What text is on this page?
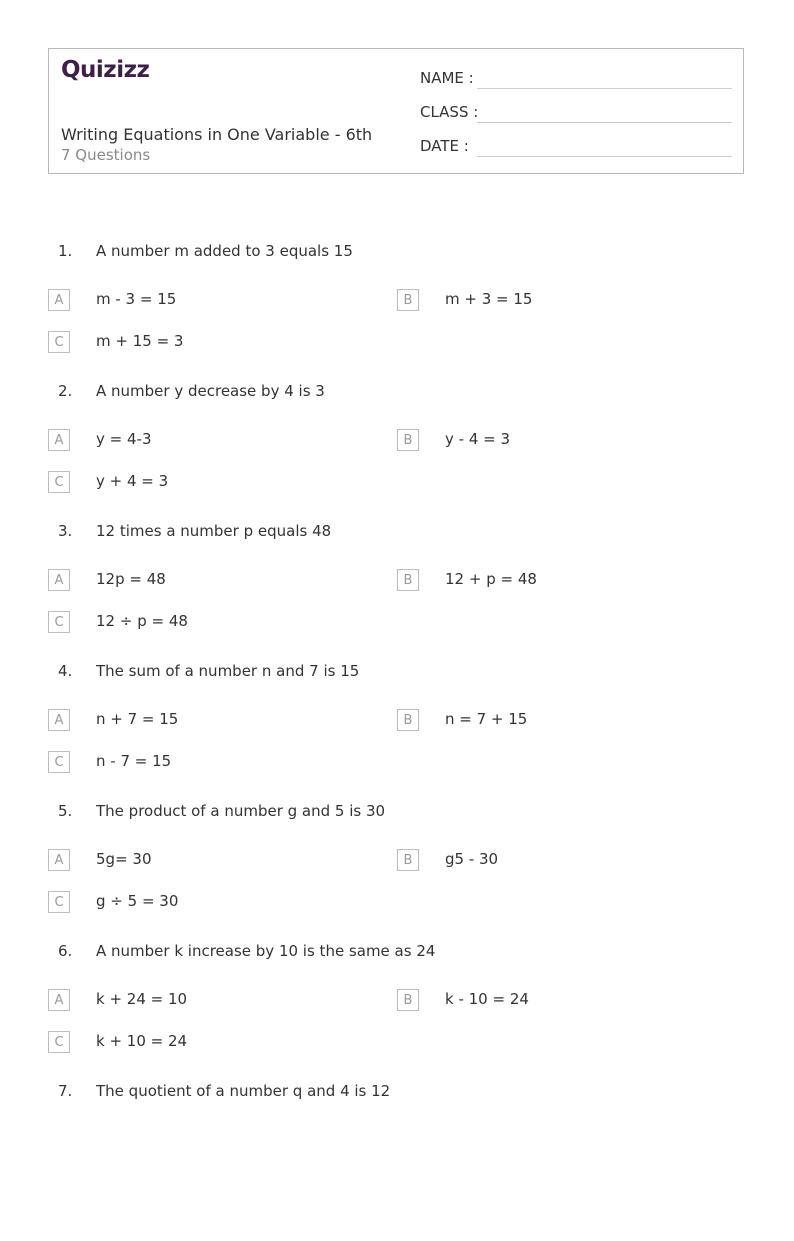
Quizizz
Writing Equations in One Variable - 6th
7 Questions
NAME :
CLASS :
DATE :
1. A number m added to 3 equals 15
A	m - 3 = 15	B	m + 3 = 15
C	m + 15 = 3
2. A number y decrease by 4 is 3
A	y = 4-3	B	y - 4 = 3
C	y + 4 = 3
3. 12 times a number p equals 48
A	12p = 48	B	12 + p = 48
C	12 ÷ p = 48
4. The sum of a number n and 7 is 15
A	n + 7 = 15	B	n = 7 + 15
C	n - 7 = 15
5. The product of a number g and 5 is 30
A	5g= 30	B	g5 - 30
C	g ÷ 5 = 30
6. A number k increase by 10 is the same as 24
A	k + 24 = 10	B	k - 10 = 24
C	k + 10 = 24
7. The quotient of a number q and 4 is 12
